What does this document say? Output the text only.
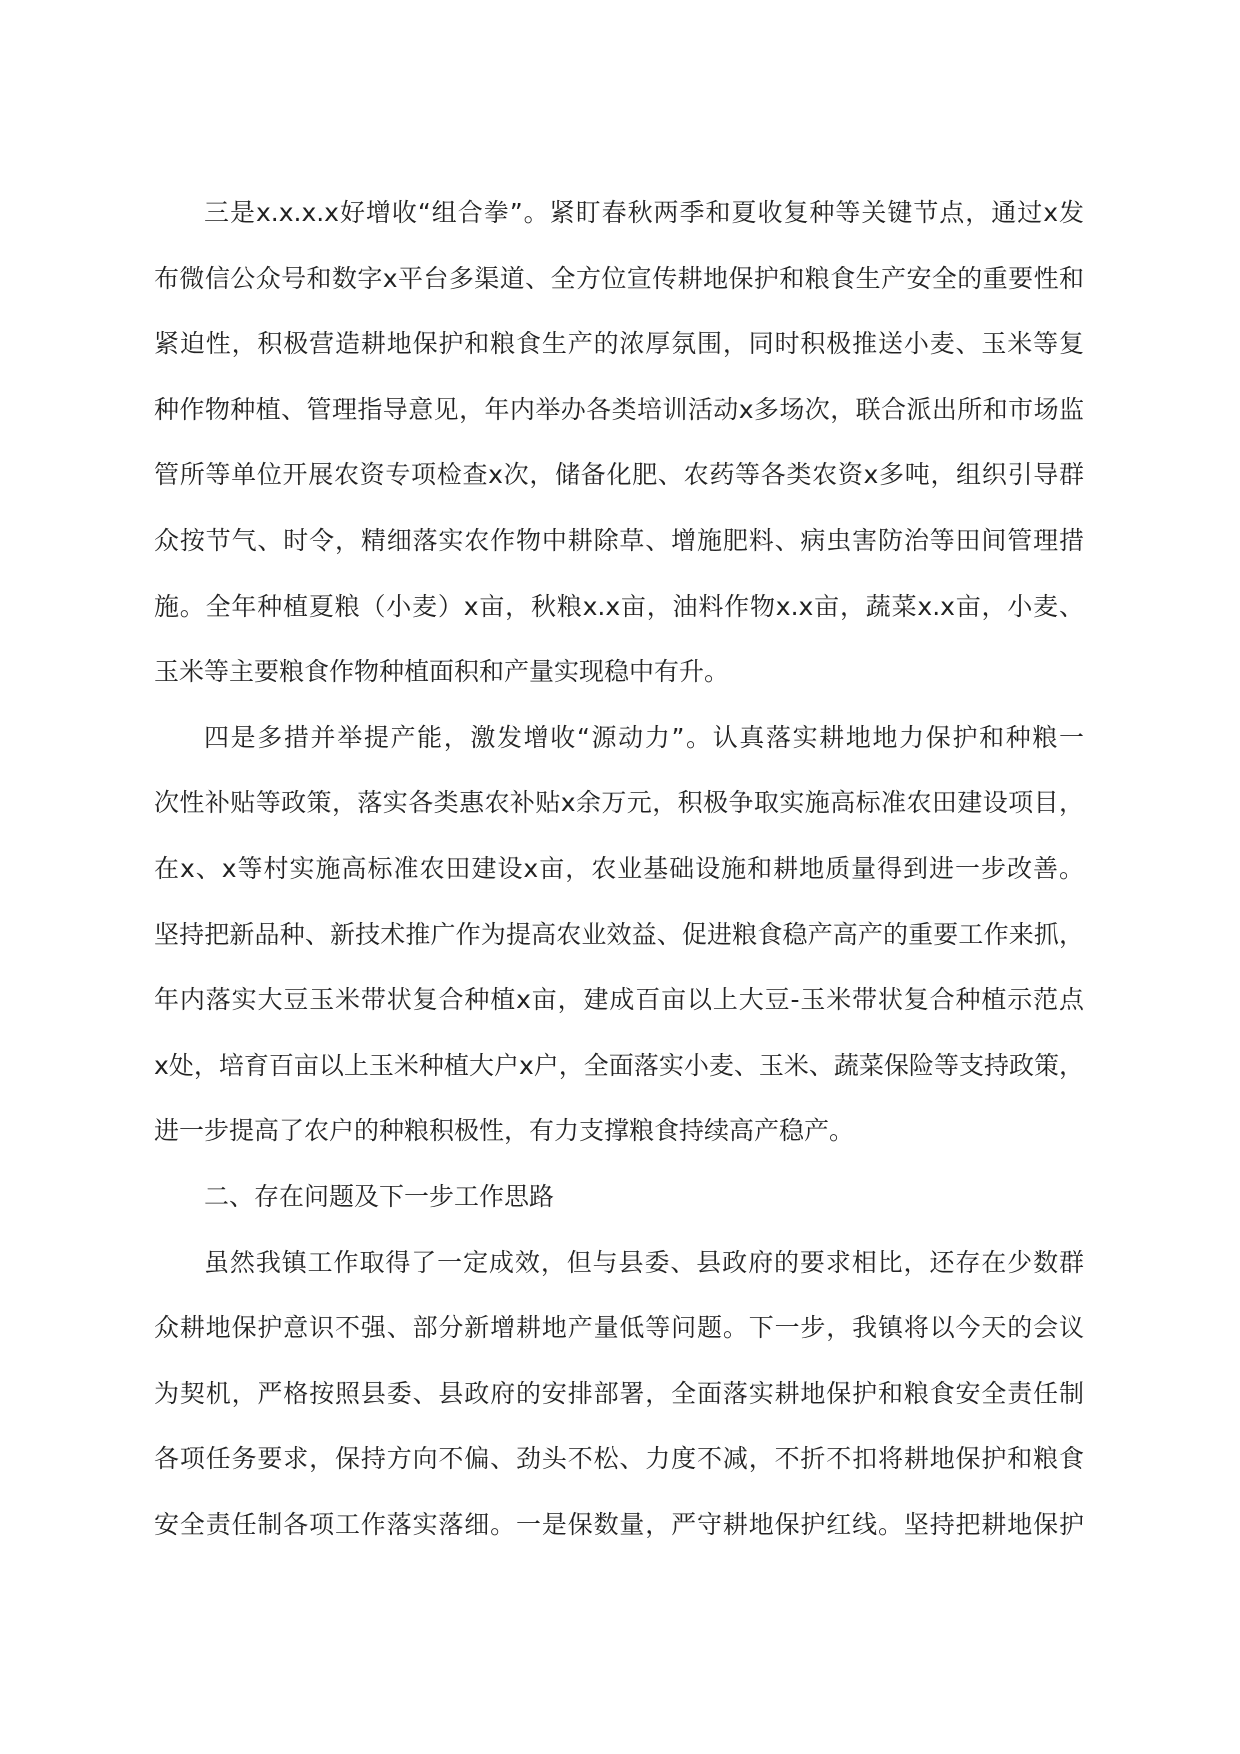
三是x.x.x.x好增收“组合拳”。紧盯春秋两季和夏收复种等关键节点，通过x发
布微信公众号和数字x平台多渠道、全方位宣传耕地保护和粮食生产安全的重要性和
紧迫性，积极营造耕地保护和粮食生产的浓厚氛围，同时积极推送小麦、玉米等复
种作物种植、管理指导意见，年内举办各类培训活动x多场次，联合派出所和市场监
管所等单位开展农资专项检查x次，储备化肥、农药等各类农资x多吨，组织引导群
众按节气、时令，精细落实农作物中耕除草、增施肥料、病虫害防治等田间管理措
施。全年种植夏粮（小麦）x亩，秋粮x.x亩，油料作物x.x亩，蔬菜x.x亩，小麦、
玉米等主要粮食作物种植面积和产量实现稳中有升。
四是多措并举提产能，激发增收“源动力”。认真落实耕地地力保护和种粮一
次性补贴等政策，落实各类惠农补贴x余万元，积极争取实施高标准农田建设项目，
在x、x等村实施高标准农田建设x亩，农业基础设施和耕地质量得到进一步改善。
坚持把新品种、新技术推广作为提高农业效益、促进粮食稳产高产的重要工作来抓，
年内落实大豆玉米带状复合种植x亩，建成百亩以上大豆-玉米带状复合种植示范点
x处，培育百亩以上玉米种植大户x户，全面落实小麦、玉米、蔬菜保险等支持政策，
进一步提高了农户的种粮积极性，有力支撑粮食持续高产稳产。
二、存在问题及下一步工作思路
虽然我镇工作取得了一定成效，但与县委、县政府的要求相比，还存在少数群
众耕地保护意识不强、部分新增耕地产量低等问题。下一步，我镇将以今天的会议
为契机，严格按照县委、县政府的安排部署，全面落实耕地保护和粮食安全责任制
各项任务要求，保持方向不偏、劲头不松、力度不减，不折不扣将耕地保护和粮食
安全责任制各项工作落实落细。一是保数量，严守耕地保护红线。坚持把耕地保护
